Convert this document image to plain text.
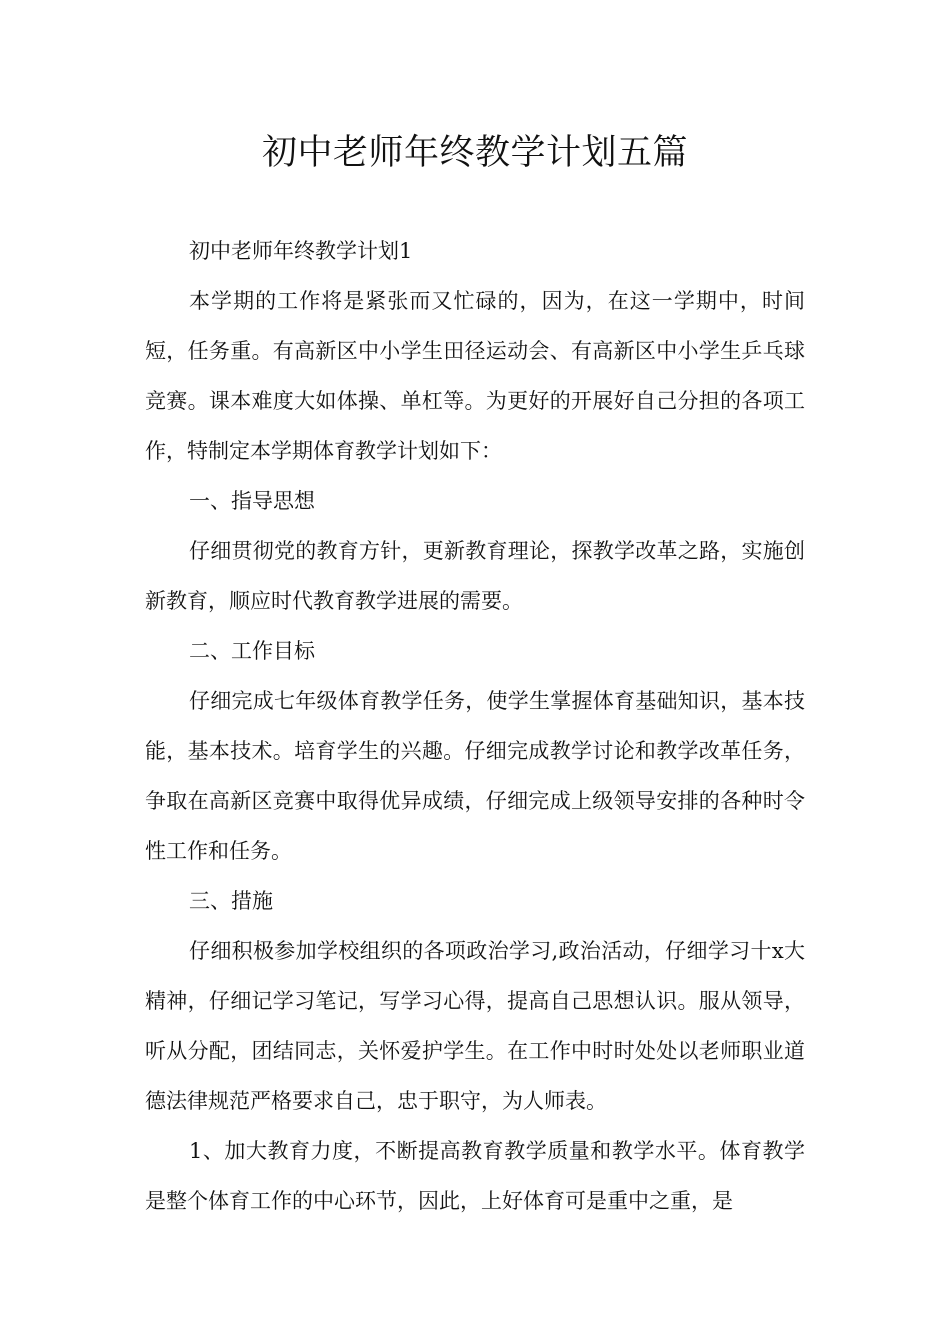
初中老师年终教学计划五篇

初中老师年终教学计划1

本学期的工作将是紧张而又忙碌的，因为，在这一学期中，时间短，任务重。有高新区中小学生田径运动会、有高新区中小学生乒乓球竞赛。课本难度大如体操、单杠等。为更好的开展好自己分担的各项工作，特制定本学期体育教学计划如下：

一、指导思想

仔细贯彻党的教育方针，更新教育理论，探教学改革之路，实施创新教育，顺应时代教育教学进展的需要。

二、工作目标

仔细完成七年级体育教学任务，使学生掌握体育基础知识，基本技能，基本技术。培育学生的兴趣。仔细完成教学讨论和教学改革任务，争取在高新区竞赛中取得优异成绩，仔细完成上级领导安排的各种时令性工作和任务。

三、措施

仔细积极参加学校组织的各项政治学习,政治活动，仔细学习十x大精神，仔细记学习笔记，写学习心得，提高自己思想认识。服从领导，听从分配，团结同志，关怀爱护学生。在工作中时时处处以老师职业道德法律规范严格要求自己，忠于职守，为人师表。

1、加大教育力度，不断提高教育教学质量和教学水平。体育教学是整个体育工作的中心环节，因此，上好体育可是重中之重，是
